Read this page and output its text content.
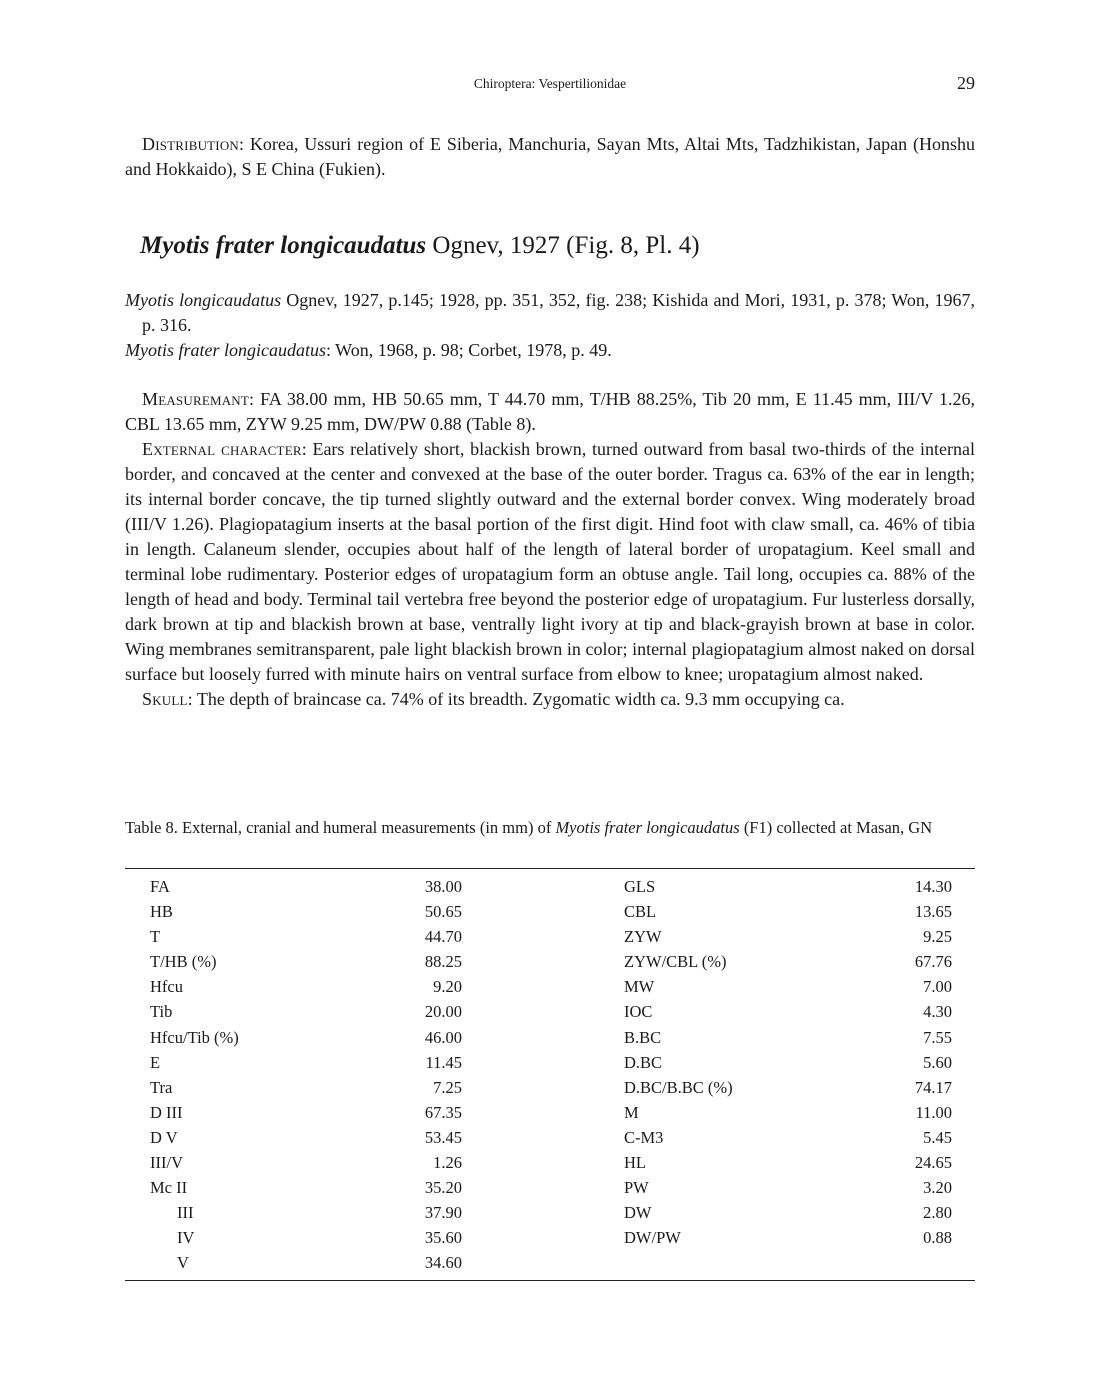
Chiroptera: Vespertilionidae	29

Distribution: Korea, Ussuri region of E Siberia, Manchuria, Sayan Mts, Altai Mts, Tadzhikistan, Japan (Honshu and Hokkaido), S E China (Fukien).

Myotis frater longicaudatus Ognev, 1927 (Fig. 8, Pl. 4)

Myotis longicaudatus Ognev, 1927, p.145; 1928, pp. 351, 352, fig. 238; Kishida and Mori, 1931, p. 378; Won, 1967, p. 316.

Myotis frater longicaudatus: Won, 1968, p. 98; Corbet, 1978, p. 49.

Measuremant: FA 38.00 mm, HB 50.65 mm, T 44.70 mm, T/HB 88.25%, Tib 20 mm, E 11.45 mm, III/V 1.26, CBL 13.65 mm, ZYW 9.25 mm, DW/PW 0.88 (Table 8).

External character: Ears relatively short, blackish brown, turned outward from basal two-thirds of the internal border, and concaved at the center and convexed at the base of the outer border. Tragus ca. 63% of the ear in length; its internal border concave, the tip turned slightly outward and the external border convex. Wing moderately broad (III/V 1.26). Plagiopatagium inserts at the basal portion of the first digit. Hind foot with claw small, ca. 46% of tibia in length. Calaneum slender, occupies about half of the length of lateral border of uropatagium. Keel small and terminal lobe rudimentary. Posterior edges of uropatagium form an obtuse angle. Tail long, occupies ca. 88% of the length of head and body. Terminal tail vertebra free beyond the posterior edge of uropatagium. Fur lusterless dorsally, dark brown at tip and blackish brown at base, ventrally light ivory at tip and black-grayish brown at base in color. Wing membranes semitransparent, pale light blackish brown in color; internal plagiopatagium almost naked on dorsal surface but loosely furred with minute hairs on ventral surface from elbow to knee; uropatagium almost naked.

Skull: The depth of braincase ca. 74% of its breadth. Zygomatic width ca. 9.3 mm occupying ca.

Table 8. External, cranial and humeral measurements (in mm) of Myotis frater longicaudatus (F1) collected at Masan, GN
FA	38.00	GLS	14.30
HB	50.65	CBL	13.65
T	44.70	ZYW	9.25
T/HB (%)	88.25	ZYW/CBL (%)	67.76
Hfcu	9.20	MW	7.00
Tib	20.00	IOC	4.30
Hfcu/Tib (%)	46.00	B.BC	7.55
E	11.45	D.BC	5.60
Tra	7.25	D.BC/B.BC (%)	74.17
D III	67.35	M	11.00
D V	53.45	C-M3	5.45
III/V	1.26	HL	24.65
Mc II	35.20	PW	3.20
III	37.90	DW	2.80
IV	35.60	DW/PW	0.88
V	34.60
